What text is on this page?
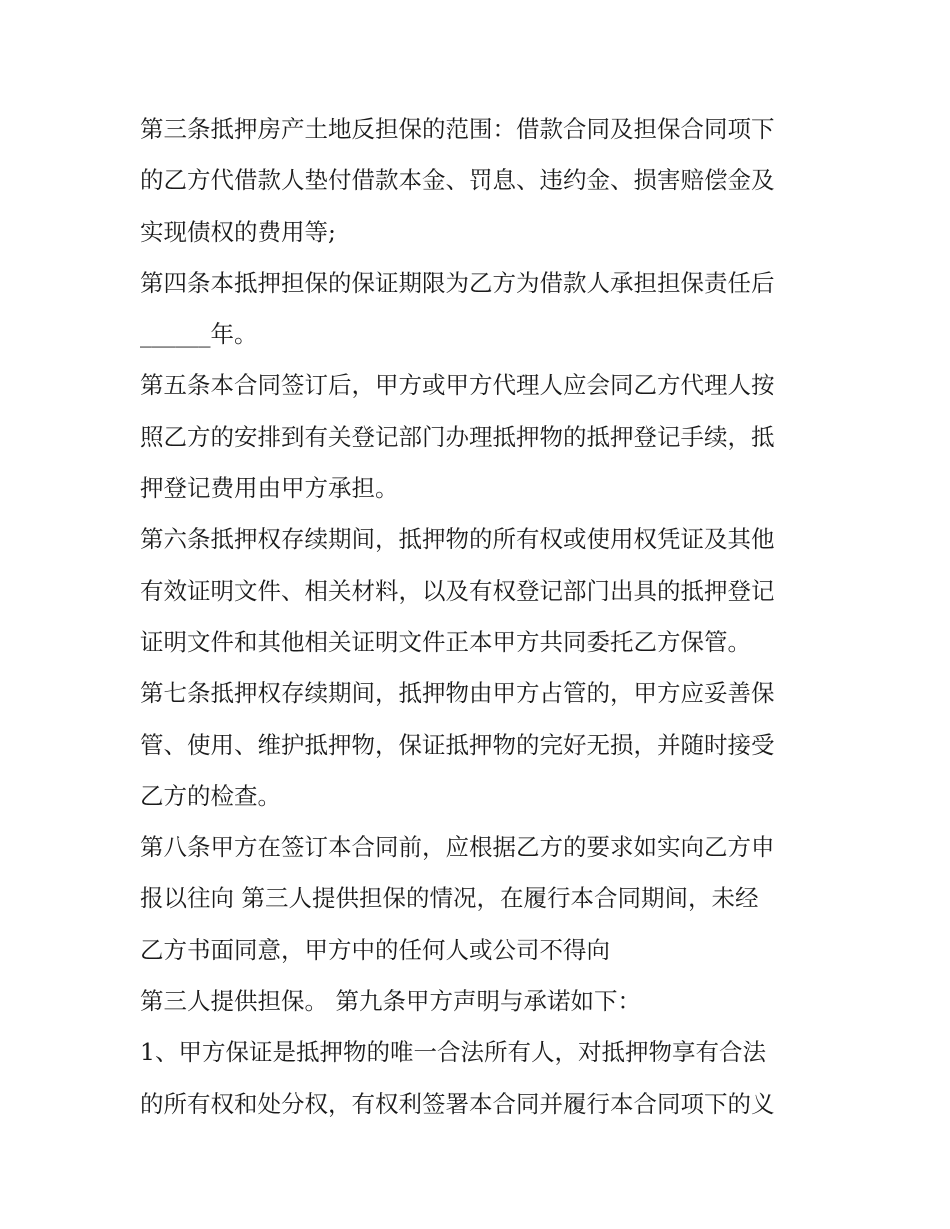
第三条抵押房产土地反担保的范围：借款合同及担保合同项下
的乙方代借款人垫付借款本金、罚息、违约金、损害赔偿金及
实现债权的费用等;
第四条本抵押担保的保证期限为乙方为借款人承担担保责任后
______年。
第五条本合同签订后，甲方或甲方代理人应会同乙方代理人按
照乙方的安排到有关登记部门办理抵押物的抵押登记手续，抵
押登记费用由甲方承担。
第六条抵押权存续期间，抵押物的所有权或使用权凭证及其他
有效证明文件、相关材料，以及有权登记部门出具的抵押登记
证明文件和其他相关证明文件正本甲方共同委托乙方保管。
第七条抵押权存续期间，抵押物由甲方占管的，甲方应妥善保
管、使用、维护抵押物，保证抵押物的完好无损，并随时接受
乙方的检查。
第八条甲方在签订本合同前，应根据乙方的要求如实向乙方申
报以往向 第三人提供担保的情况，在履行本合同期间，未经
乙方书面同意，甲方中的任何人或公司不得向
第三人提供担保。 第九条甲方声明与承诺如下：
1、甲方保证是抵押物的唯一合法所有人，对抵押物享有合法
的所有权和处分权，有权利签署本合同并履行本合同项下的义
